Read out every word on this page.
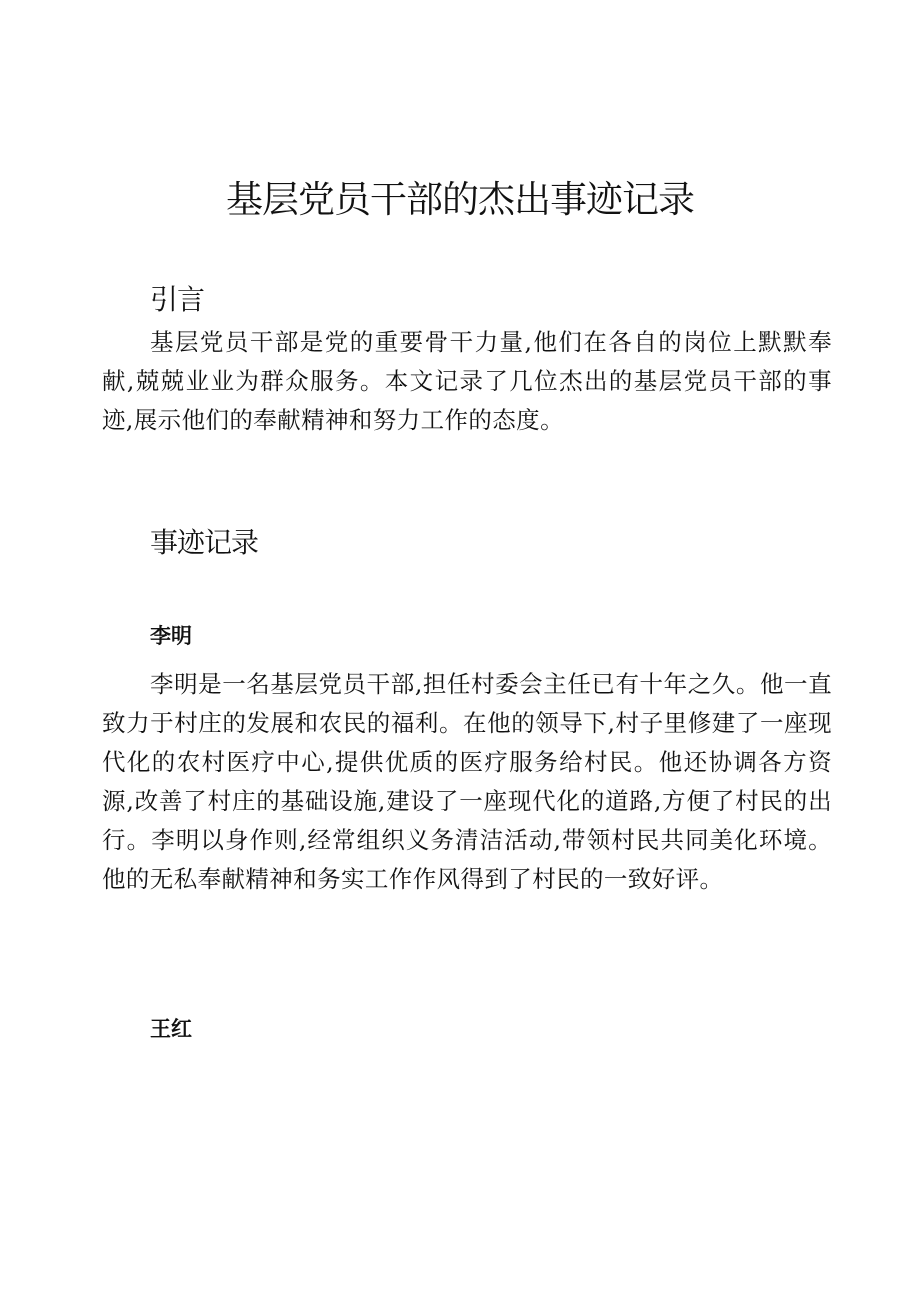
基层党员干部的杰出事迹记录
引言

基层党员干部是党的重要骨干力量,他们在各自的岗位上默默奉献,兢兢业业为群众服务。本文记录了几位杰出的基层党员干部的事迹,展示他们的奉献精神和努力工作的态度。

事迹记录
李明

李明是一名基层党员干部,担任村委会主任已有十年之久。他一直致力于村庄的发展和农民的福利。在他的领导下,村子里修建了一座现代化的农村医疗中心,提供优质的医疗服务给村民。他还协调各方资源,改善了村庄的基础设施,建设了一座现代化的道路,方便了村民的出行。李明以身作则,经常组织义务清洁活动,带领村民共同美化环境。他的无私奉献精神和务实工作作风得到了村民的一致好评。

王红
